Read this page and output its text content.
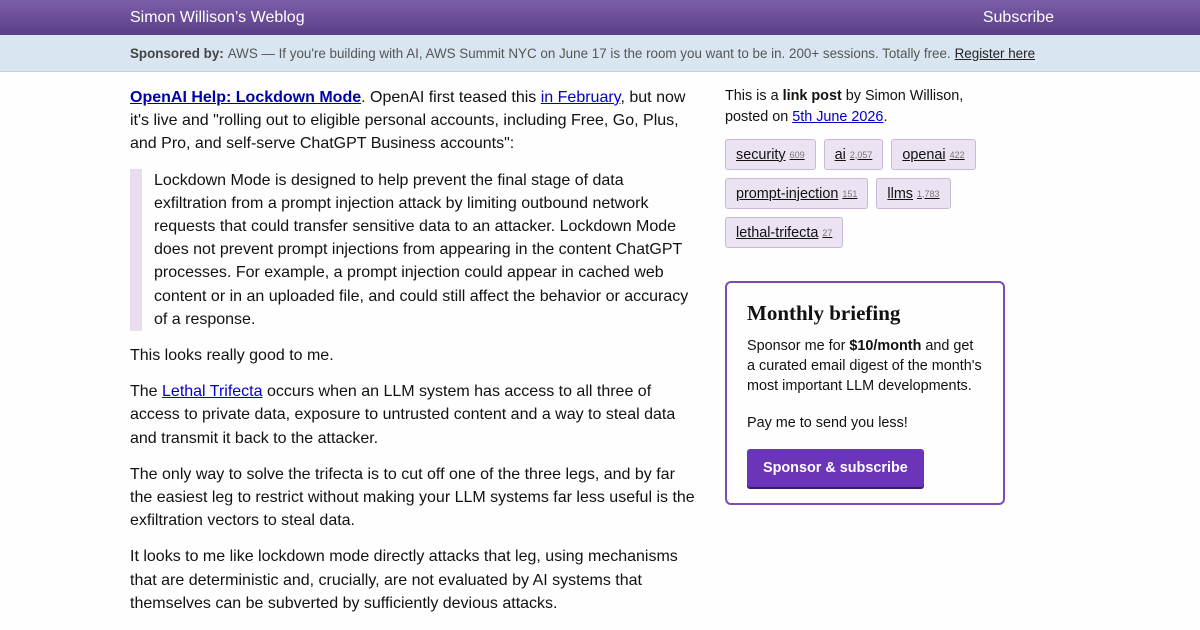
Simon Willison’s Weblog	Subscribe
Sponsored by: AWS — If you're building with AI, AWS Summit NYC on June 17 is the room you want to be in. 200+ sessions. Totally free. Register here

OpenAI Help: Lockdown Mode. OpenAI first teased this in February, but now it's live and "rolling out to eligible personal accounts, including Free, Go, Plus, and Pro, and self-serve ChatGPT Business accounts":

Lockdown Mode is designed to help prevent the final stage of data exfiltration from a prompt injection attack by limiting outbound network requests that could transfer sensitive data to an attacker. Lockdown Mode does not prevent prompt injections from appearing in the content ChatGPT processes. For example, a prompt injection could appear in cached web content or in an uploaded file, and could still affect the behavior or accuracy of a response.

This looks really good to me.

The Lethal Trifecta occurs when an LLM system has access to all three of access to private data, exposure to untrusted content and a way to steal data and transmit it back to the attacker.

The only way to solve the trifecta is to cut off one of the three legs, and by far the easiest leg to restrict without making your LLM systems far less useful is the exfiltration vectors to steal data.

It looks to me like lockdown mode directly attacks that leg, using mechanisms that are deterministic and, crucially, are not evaluated by AI systems that themselves can be subverted by sufficiently devious attacks.

This is a link post by Simon Willison, posted on 5th June 2026.
security 609 ai 2,057 openai 422
prompt-injection 151 llms 1,783
lethal-trifecta 27
Monthly briefing

Sponsor me for $10/month and get a curated email digest of the month's most important LLM developments.

Pay me to send you less!

Sponsor & subscribe
